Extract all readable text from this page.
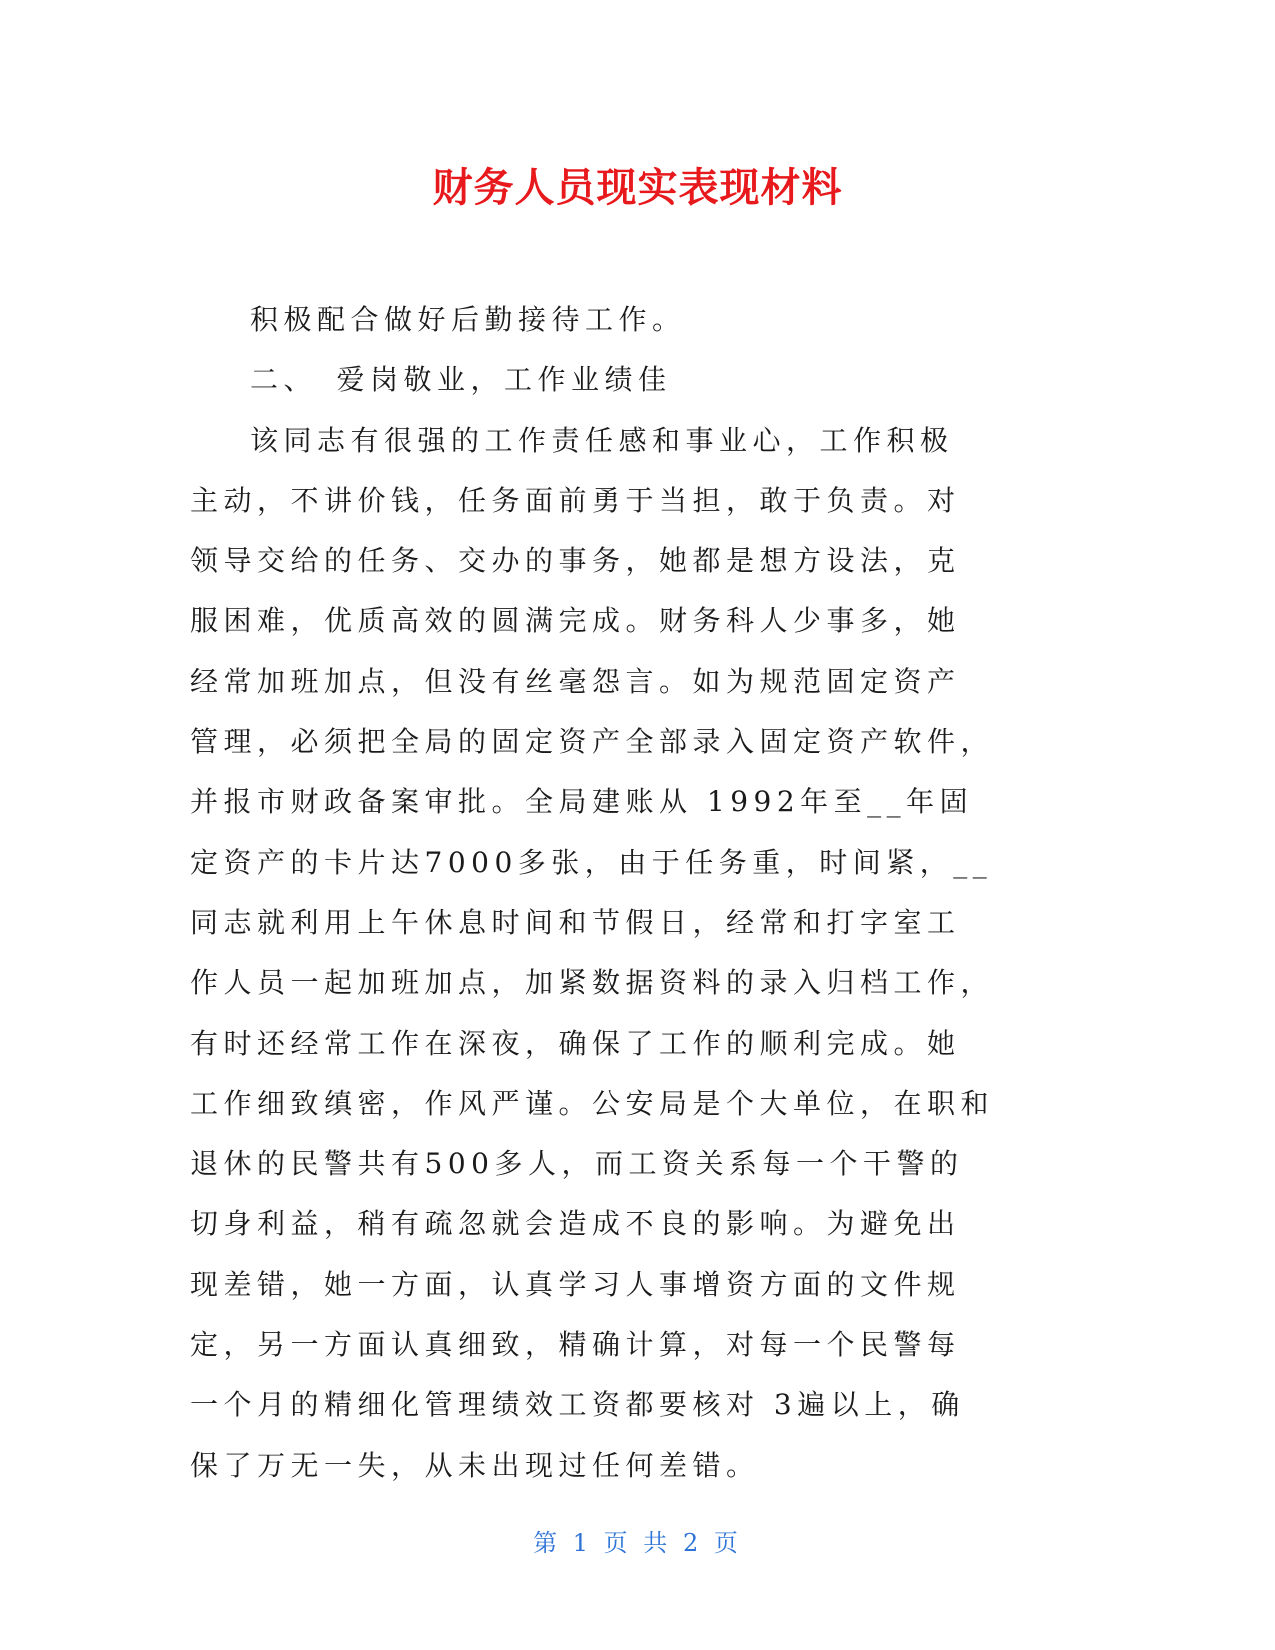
财务人员现实表现材料
积极配合做好后勤接待工作。
二、　爱岗敬业，工作业绩佳
该同志有很强的工作责任感和事业心，工作积极
主动，不讲价钱，任务面前勇于当担，敢于负责。对
领导交给的任务、交办的事务，她都是想方设法，克
服困难，优质高效的圆满完成。财务科人少事多，她
经常加班加点，但没有丝毫怨言。如为规范固定资产
管理，必须把全局的固定资产全部录入固定资产软件，
并报市财政备案审批。全局建账从 1992年至__年固
定资产的卡片达7000多张，由于任务重，时间紧，__
同志就利用上午休息时间和节假日，经常和打字室工
作人员一起加班加点，加紧数据资料的录入归档工作，
有时还经常工作在深夜，确保了工作的顺利完成。她
工作细致缜密，作风严谨。公安局是个大单位，在职和
退休的民警共有500多人，而工资关系每一个干警的
切身利益，稍有疏忽就会造成不良的影响。为避免出
现差错，她一方面，认真学习人事增资方面的文件规
定，另一方面认真细致，精确计算，对每一个民警每
一个月的精细化管理绩效工资都要核对 3遍以上，确
保了万无一失，从未出现过任何差错。
第 1 页 共 2 页
